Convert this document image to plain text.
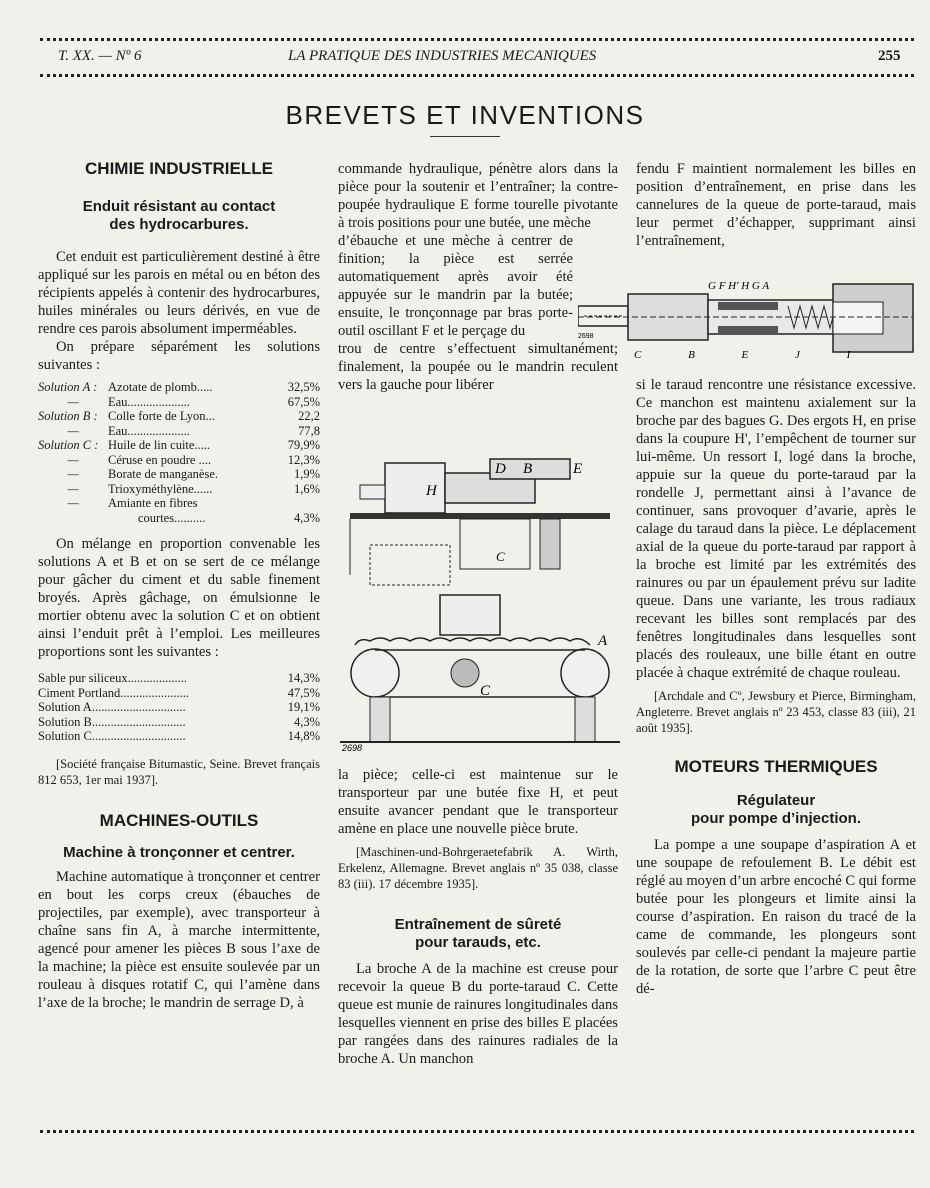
T. XX. — Nº 6	LA PRATIQUE DES INDUSTRIES MECANIQUES	255
BREVETS ET INVENTIONS
CHIMIE INDUSTRIELLE
Enduit résistant au contact
des hydrocarbures.

Cet enduit est particulièrement destiné à être appliqué sur les parois en métal ou en béton des récipients appelés à contenir des hydrocarbures, huiles minérales ou leurs dérivés, en vue de rendre ces parois absolument imperméables.

On prépare séparément les solutions suivantes :

Solution A : Azotate de plomb.....	32,5%
—	Eau....................	67,5%
Solution B : Colle forte de Lyon...	22,2
—	Eau....................	77,8
Solution C : Huile de lin cuite.....	79,9%
—	Céruse en poudre ....	12,3%
—	Borate de manganèse.	1,9%
—	Trioxyméthylène......	1,6%
—	Amiante en fibres
courtes..........	4,3%

On mélange en proportion convenable les solutions A et B et on se sert de ce mélange pour gâcher du ciment et du sable finement broyés. Après gâchage, on émulsionne le mortier obtenu avec la solution C et on obtient ainsi l’enduit prêt à l’emploi. Les meilleures proportions sont les suivantes :

Sable pur siliceux...................	14,3%
Ciment Portland......................	47,5%
Solution A..............................	19,1%
Solution B..............................	4,3%
Solution C..............................	14,8%

[Société française Bitumastic, Seine. Brevet français 812 653, 1er mai 1937].

MACHINES-OUTILS
Machine à tronçonner et centrer.

Machine automatique à tronçonner et centrer en bout les corps creux (ébauches de projectiles, par exemple), avec transporteur à chaîne sans fin A, à marche intermittente, agencé pour amener les pièces B sous l’axe de la machine; la pièce est ensuite soulevée par un rouleau à disques rotatif C, qui l’amène dans l’axe de la broche; le mandrin de serrage D, à

commande hydraulique, pénètre alors dans la pièce pour la soutenir et l’entraîner; la contre-poupée hydraulique E forme tourelle pivotante à trois positions pour une butée, une mèche

d’ébauche et une mèche à centrer de finition; la pièce est serrée automatiquement après avoir été appuyée sur le mandrin par la butée; ensuite, le tronçonnage par bras porte-outil oscillant F et le perçage du

trou de centre s’effectuent simultanément; finalement, la poupée ou le mandrin reculent vers la gauche pour libérer

2698
G F H' H G A
C B E J I
D B	E
H
C
A
C
2698

la pièce; celle-ci est maintenue sur le transporteur par une butée fixe H, et peut ensuite avancer pendant que le transporteur amène en place une nouvelle pièce brute.

[Maschinen-und-Bohrgeraetefabrik A. Wirth, Erkelenz, Allemagne. Brevet anglais nº 35 038, classe 83 (iii). 17 décembre 1935].

Entraînement de sûreté
pour tarauds, etc.

La broche A de la machine est creuse pour recevoir la queue B du porte-taraud C. Cette queue est munie de rainures longitudinales dans lesquelles viennent en prise des billes E placées par rangées dans des rainures radiales de la broche A. Un manchon

fendu F maintient normalement les billes en position d’entraînement, en prise dans les cannelures de la queue de porte-taraud, mais leur permet d’échapper, supprimant ainsi l’entraînement,

si le taraud rencontre une résistance excessive. Ce manchon est maintenu axialement sur la broche par des bagues G. Des ergots H, en prise dans la coupure H', l’empêchent de tourner sur lui-même. Un ressort I, logé dans la broche, appuie sur la queue du porte-taraud par la rondelle J, permettant ainsi à l’avance de continuer, sans provoquer d’avarie, après le calage du taraud dans la pièce. Le déplacement axial de la queue du porte-taraud par rapport à la broche est limité par les extrémités des rainures ou par un épaulement prévu sur ladite queue. Dans une variante, les trous radiaux recevant les billes sont remplacés par des fenêtres longitudinales dans lesquelles sont placés des rouleaux, une bille étant en outre placée à chaque extrémité de chaque rouleau.

[Archdale and Cº, Jewsbury et Pierce, Birmingham, Angleterre. Brevet anglais nº 23 453, classe 83 (iii), 21 août 1935].

MOTEURS THERMIQUES
Régulateur
pour pompe d’injection.

La pompe a une soupape d’aspiration A et une soupape de refoulement B. Le débit est réglé au moyen d’un arbre encoché C qui forme butée pour les plongeurs et limite ainsi la course d’aspiration. En raison du tracé de la came de commande, les plongeurs sont soulevés par celle-ci pendant la majeure partie de la rotation, de sorte que l’arbre C peut être dé-
